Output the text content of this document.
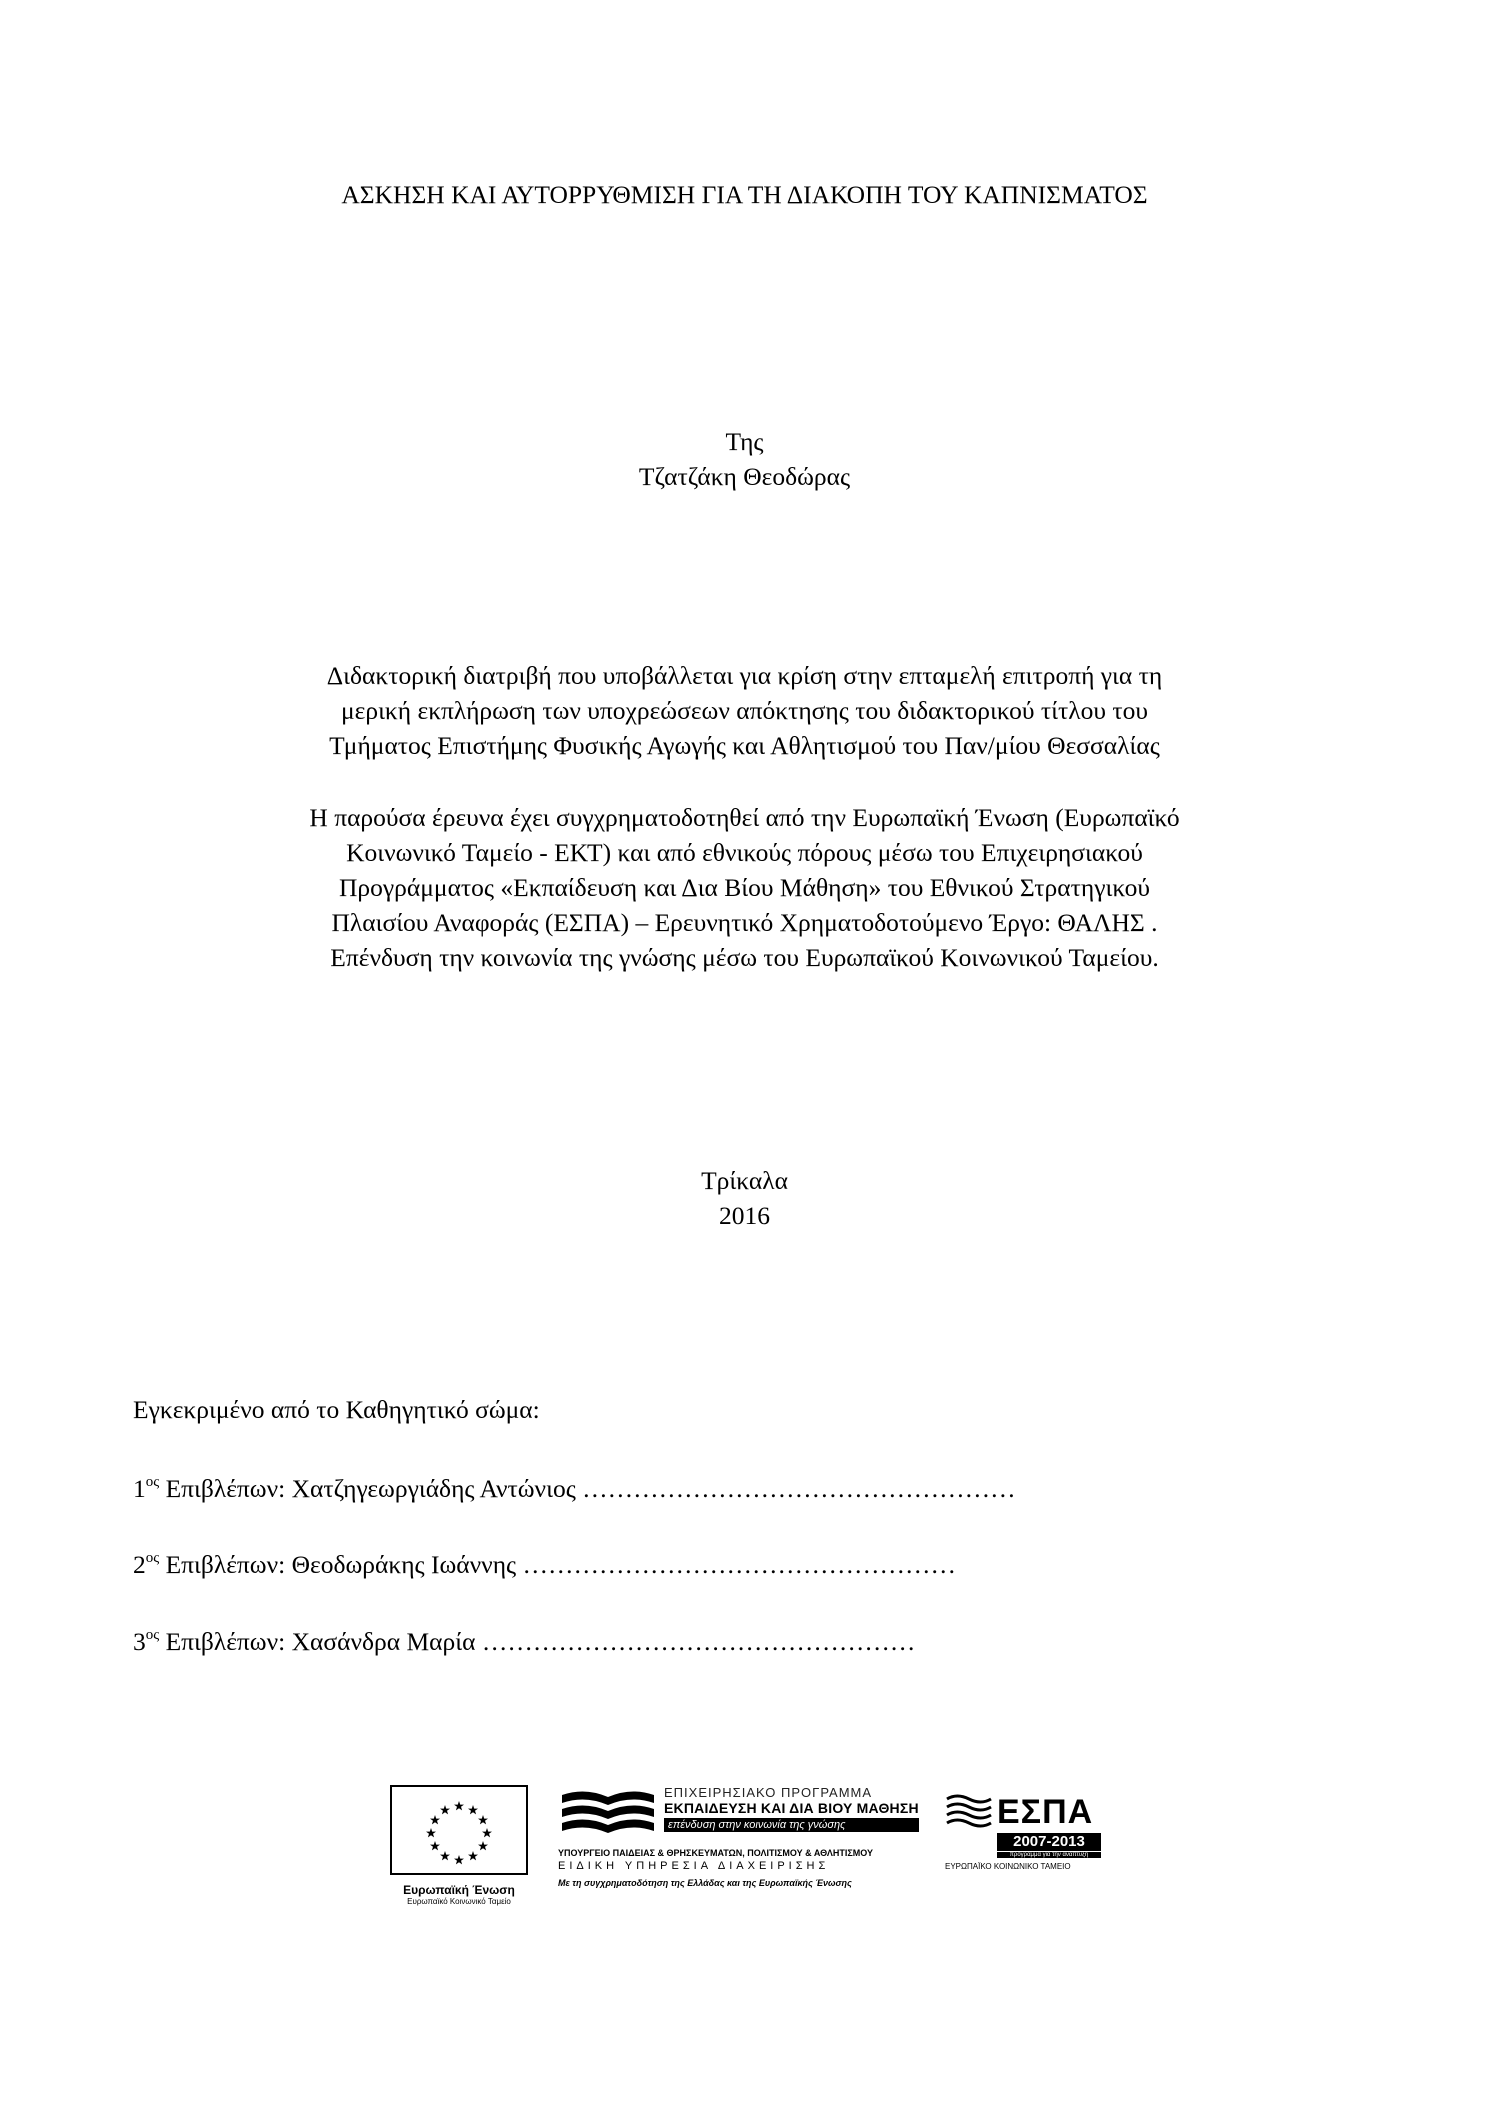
ΑΣΚΗΣΗ ΚΑΙ ΑΥΤΟΡΡΥΘΜΙΣΗ ΓΙΑ ΤΗ ΔΙΑΚΟΠΗ ΤΟΥ ΚΑΠΝΙΣΜΑΤΟΣ
Της
Τζατζάκη Θεοδώρας
Διδακτορική διατριβή που υποβάλλεται για κρίση στην επταμελή επιτροπή για τη
μερική εκπλήρωση των υποχρεώσεων απόκτησης του διδακτορικού τίτλου του
Τμήματος Επιστήμης Φυσικής Αγωγής και Αθλητισμού του Παν/μίου Θεσσαλίας
Η παρούσα έρευνα έχει συγχρηματοδοτηθεί από την Ευρωπαϊκή Ένωση (Ευρωπαϊκό
Κοινωνικό Ταμείο - ΕΚΤ) και από εθνικούς πόρους μέσω του Επιχειρησιακού
Προγράμματος «Εκπαίδευση και Δια Βίου Μάθηση» του Εθνικού Στρατηγικού
Πλαισίου Αναφοράς (ΕΣΠΑ) – Ερευνητικό Χρηματοδοτούμενο Έργο: ΘΑΛΗΣ .
Επένδυση την κοινωνία της γνώσης μέσω του Ευρωπαϊκού Κοινωνικού Ταμείου.
Τρίκαλα
2016
Εγκεκριμένο από το Καθηγητικό σώμα:
$1^{o\varsigma}$ Επιβλέπων: Χατζηγεωργιάδης Αντώνιος ……………………………………………
$2^{o\varsigma}$ Επιβλέπων: Θεοδωράκης Ιωάννης ……………………………………………
$3^{o\varsigma}$ Επιβλέπων: Χασάνδρα Μαρία ……………………………………………
Ευρωπαϊκή Ένωση
Ευρωπαϊκό Κοινωνικό Ταμείο
ΕΠΙΧΕΙΡΗΣΙΑΚΟ ΠΡΟΓΡΑΜΜΑ
ΕΚΠΑΙΔΕΥΣΗ ΚΑΙ ΔΙΑ ΒΙΟΥ ΜΑΘΗΣΗ
επένδυση στην κοινωνία της γνώσης
ΥΠΟΥΡΓΕΙΟ ΠΑΙΔΕΙΑΣ & ΘΡΗΣΚΕΥΜΑΤΩΝ, ΠΟΛΙΤΙΣΜΟΥ & ΑΘΛΗΤΙΣΜΟΥ
ΕΙΔΙΚΗ ΥΠΗΡΕΣΙΑ ΔΙΑΧΕΙΡΙΣΗΣ
Με τη συγχρηματοδότηση της Ελλάδας και της Ευρωπαϊκής Ένωσης
ΕΣΠΑ
2007-2013
πρόγραμμα για την ανάπτυξη
ΕΥΡΩΠΑΪΚΟ ΚΟΙΝΩΝΙΚΟ ΤΑΜΕΙΟ
